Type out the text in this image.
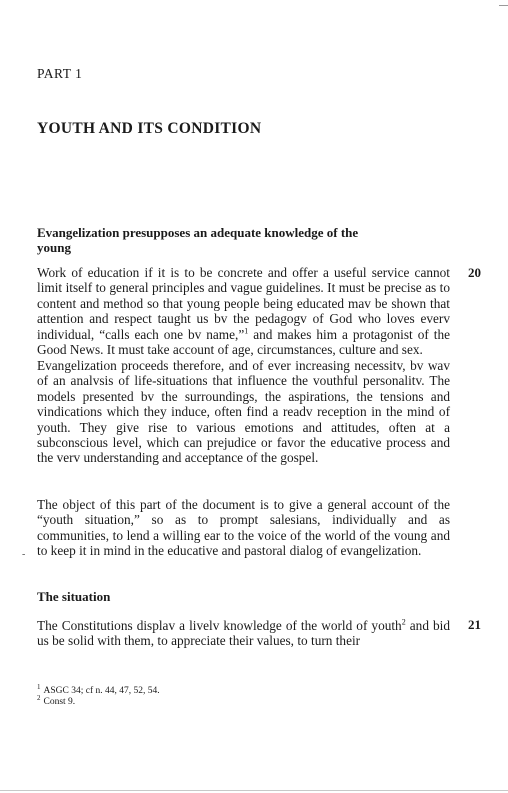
PART 1
YOUTH AND ITS CONDITION
Evangelization presupposes an adequate knowledge of the young
20

Work of education if it is to be concrete and offer a useful service cannot limit itself to general principles and vague guidelines. It must be precise as to content and method so that young people being educated mav be shown that attention and respect taught us bv the pedagogv of God who loves everv individual, “calls each one bv name,”$^1$ and makes him a protagonist of the Good News. It must take account of age, circumstances, culture and sex.

Evangelization proceeds therefore, and of ever increasing necessitv, bv wav of an analvsis of life-situations that influence the vouthful personalitv. The models presented bv the surroundings, the aspirations, the tensions and vindications which they induce, often find a readv reception in the mind of youth. They give rise to various emotions and attitudes, often at a subconscious level, which can prejudice or favor the educative process and the verv understanding and acceptance of the gospel.

The object of this part of the document is to give a general account of the “youth situation,” so as to prompt salesians, individually and as communities, to lend a willing ear to the voice of the world of the voung and to keep it in mind in the educative and pastoral dialog of evangelization.

-
The situation
21

The Constitutions displav a livelv knowledge of the world of youth$^2$ and bid us be solid with them, to appreciate their values, to turn their

$^1$ ASGC 34; cf n. 44, 47, 52, 54.
$^2$ Const 9.
